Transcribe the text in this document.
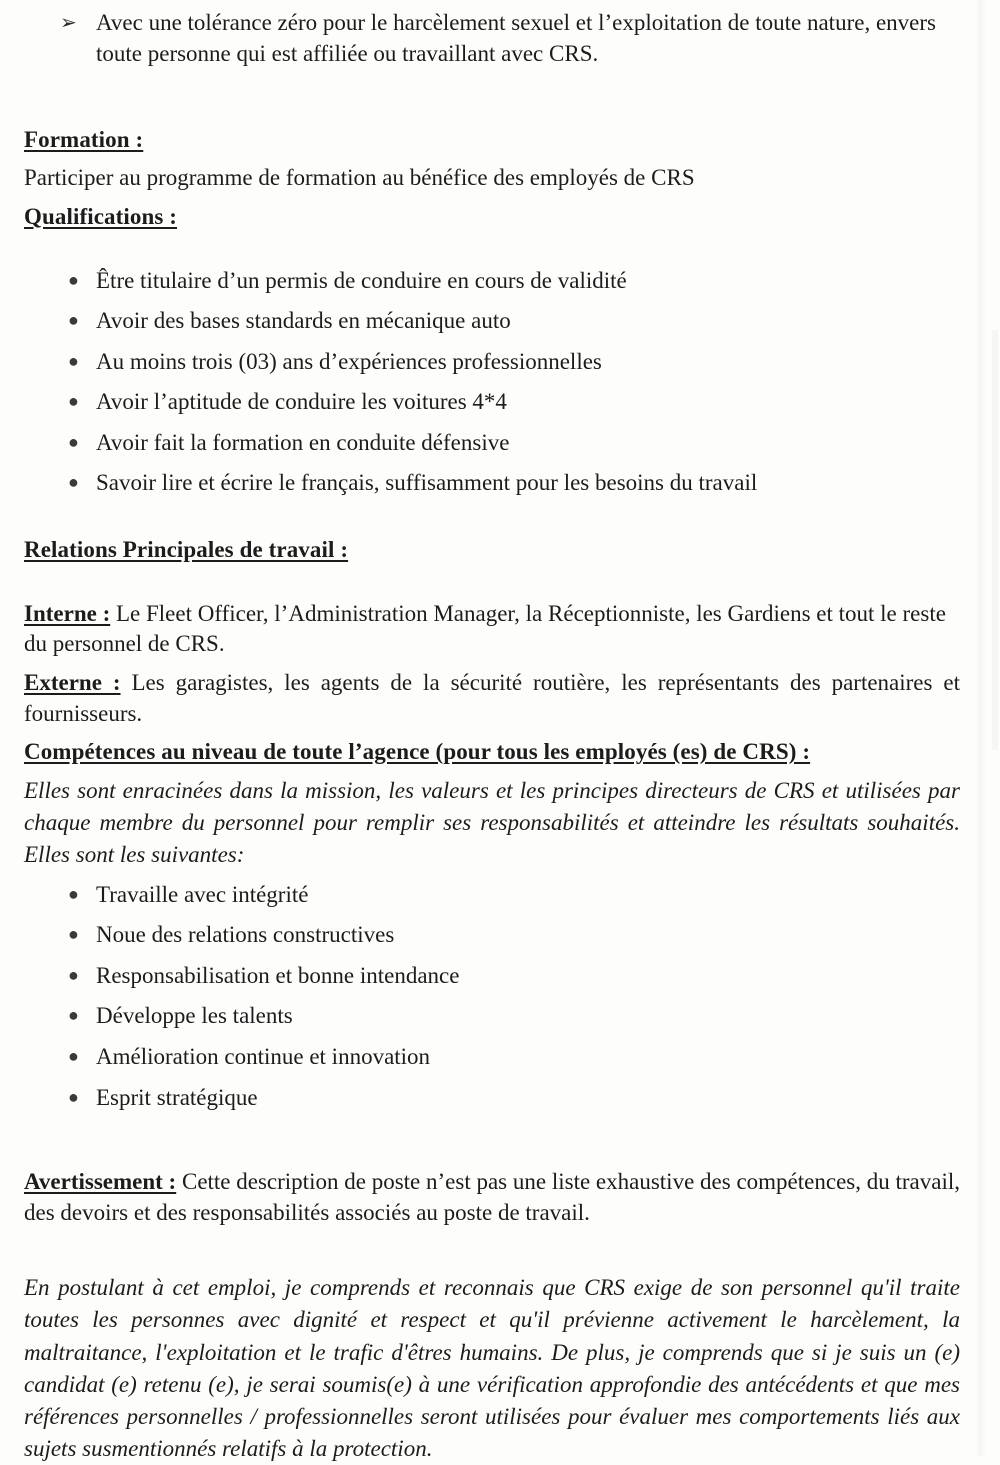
➢ Avec une tolérance zéro pour le harcèlement sexuel et l’exploitation de toute nature, envers toute personne qui est affiliée ou travaillant avec CRS.
Formation :

Participer au programme de formation au bénéfice des employés de CRS

Qualifications :
● Être titulaire d’un permis de conduire en cours de validité
● Avoir des bases standards en mécanique auto
● Au moins trois (03) ans d’expériences professionnelles
● Avoir l’aptitude de conduire les voitures 4*4
● Avoir fait la formation en conduite défensive
● Savoir lire et écrire le français, suffisamment pour les besoins du travail
Relations Principales de travail :

Interne : Le Fleet Officer, l’Administration Manager, la Réceptionniste, les Gardiens et tout le reste du personnel de CRS.

Externe : Les garagistes, les agents de la sécurité routière, les représentants des partenaires et fournisseurs.

Compétences au niveau de toute l’agence (pour tous les employés (es) de CRS) :

Elles sont enracinées dans la mission, les valeurs et les principes directeurs de CRS et utilisées par chaque membre du personnel pour remplir ses responsabilités et atteindre les résultats souhaités. Elles sont les suivantes:

● Travaille avec intégrité
● Noue des relations constructives
● Responsabilisation et bonne intendance
● Développe les talents
● Amélioration continue et innovation
● Esprit stratégique

Avertissement : Cette description de poste n’est pas une liste exhaustive des compétences, du travail, des devoirs et des responsabilités associés au poste de travail.

En postulant à cet emploi, je comprends et reconnais que CRS exige de son personnel qu'il traite toutes les personnes avec dignité et respect et qu'il prévienne activement le harcèlement, la maltraitance, l'exploitation et le trafic d'êtres humains. De plus, je comprends que si je suis un (e) candidat (e) retenu (e), je serai soumis(e) à une vérification approfondie des antécédents et que mes références personnelles / professionnelles seront utilisées pour évaluer mes comportements liés aux sujets susmentionnés relatifs à la protection.
